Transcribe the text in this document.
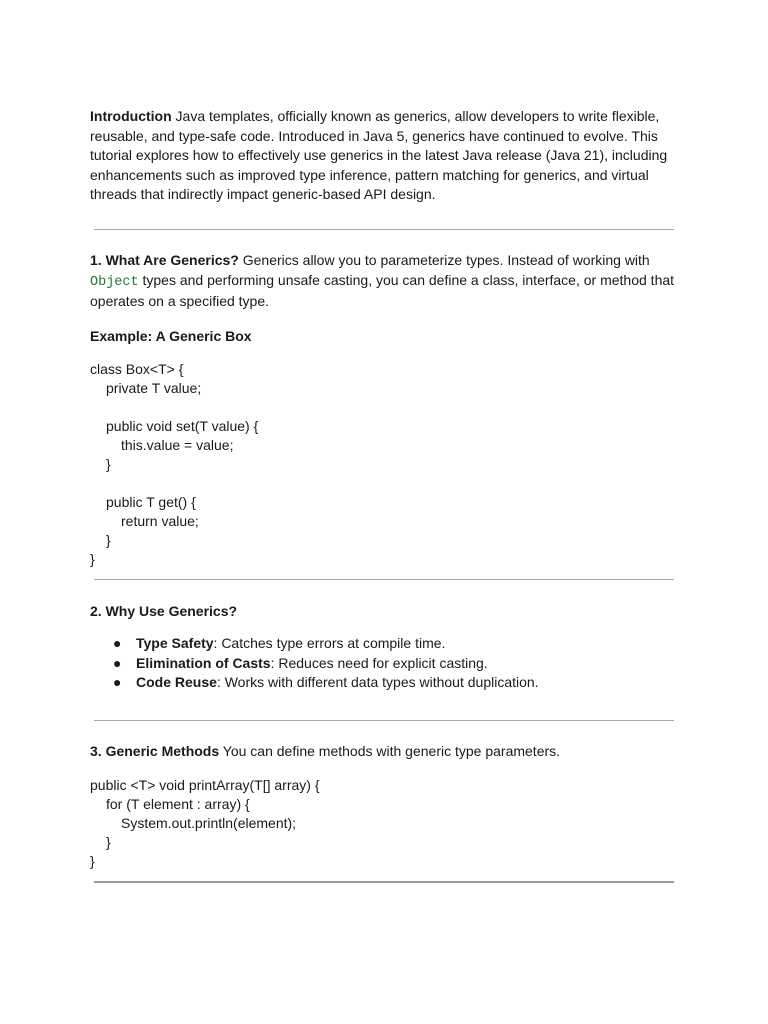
Introduction Java templates, officially known as generics, allow developers to write flexible, reusable, and type-safe code. Introduced in Java 5, generics have continued to evolve. This tutorial explores how to effectively use generics in the latest Java release (Java 21), including enhancements such as improved type inference, pattern matching for generics, and virtual threads that indirectly impact generic-based API design.

1. What Are Generics? Generics allow you to parameterize types. Instead of working with Object types and performing unsafe casting, you can define a class, interface, or method that operates on a specified type.

Example: A Generic Box

class Box<T> {
private T value;
public void set(T value) {
this.value = value;
}
public T get() {
return value;
}
}

2. Why Use Generics?

● Type Safety: Catches type errors at compile time.
● Elimination of Casts: Reduces need for explicit casting.
● Code Reuse: Works with different data types without duplication.

3. Generic Methods You can define methods with generic type parameters.

public <T> void printArray(T[] array) {
for (T element : array) {
System.out.println(element);
}
}
